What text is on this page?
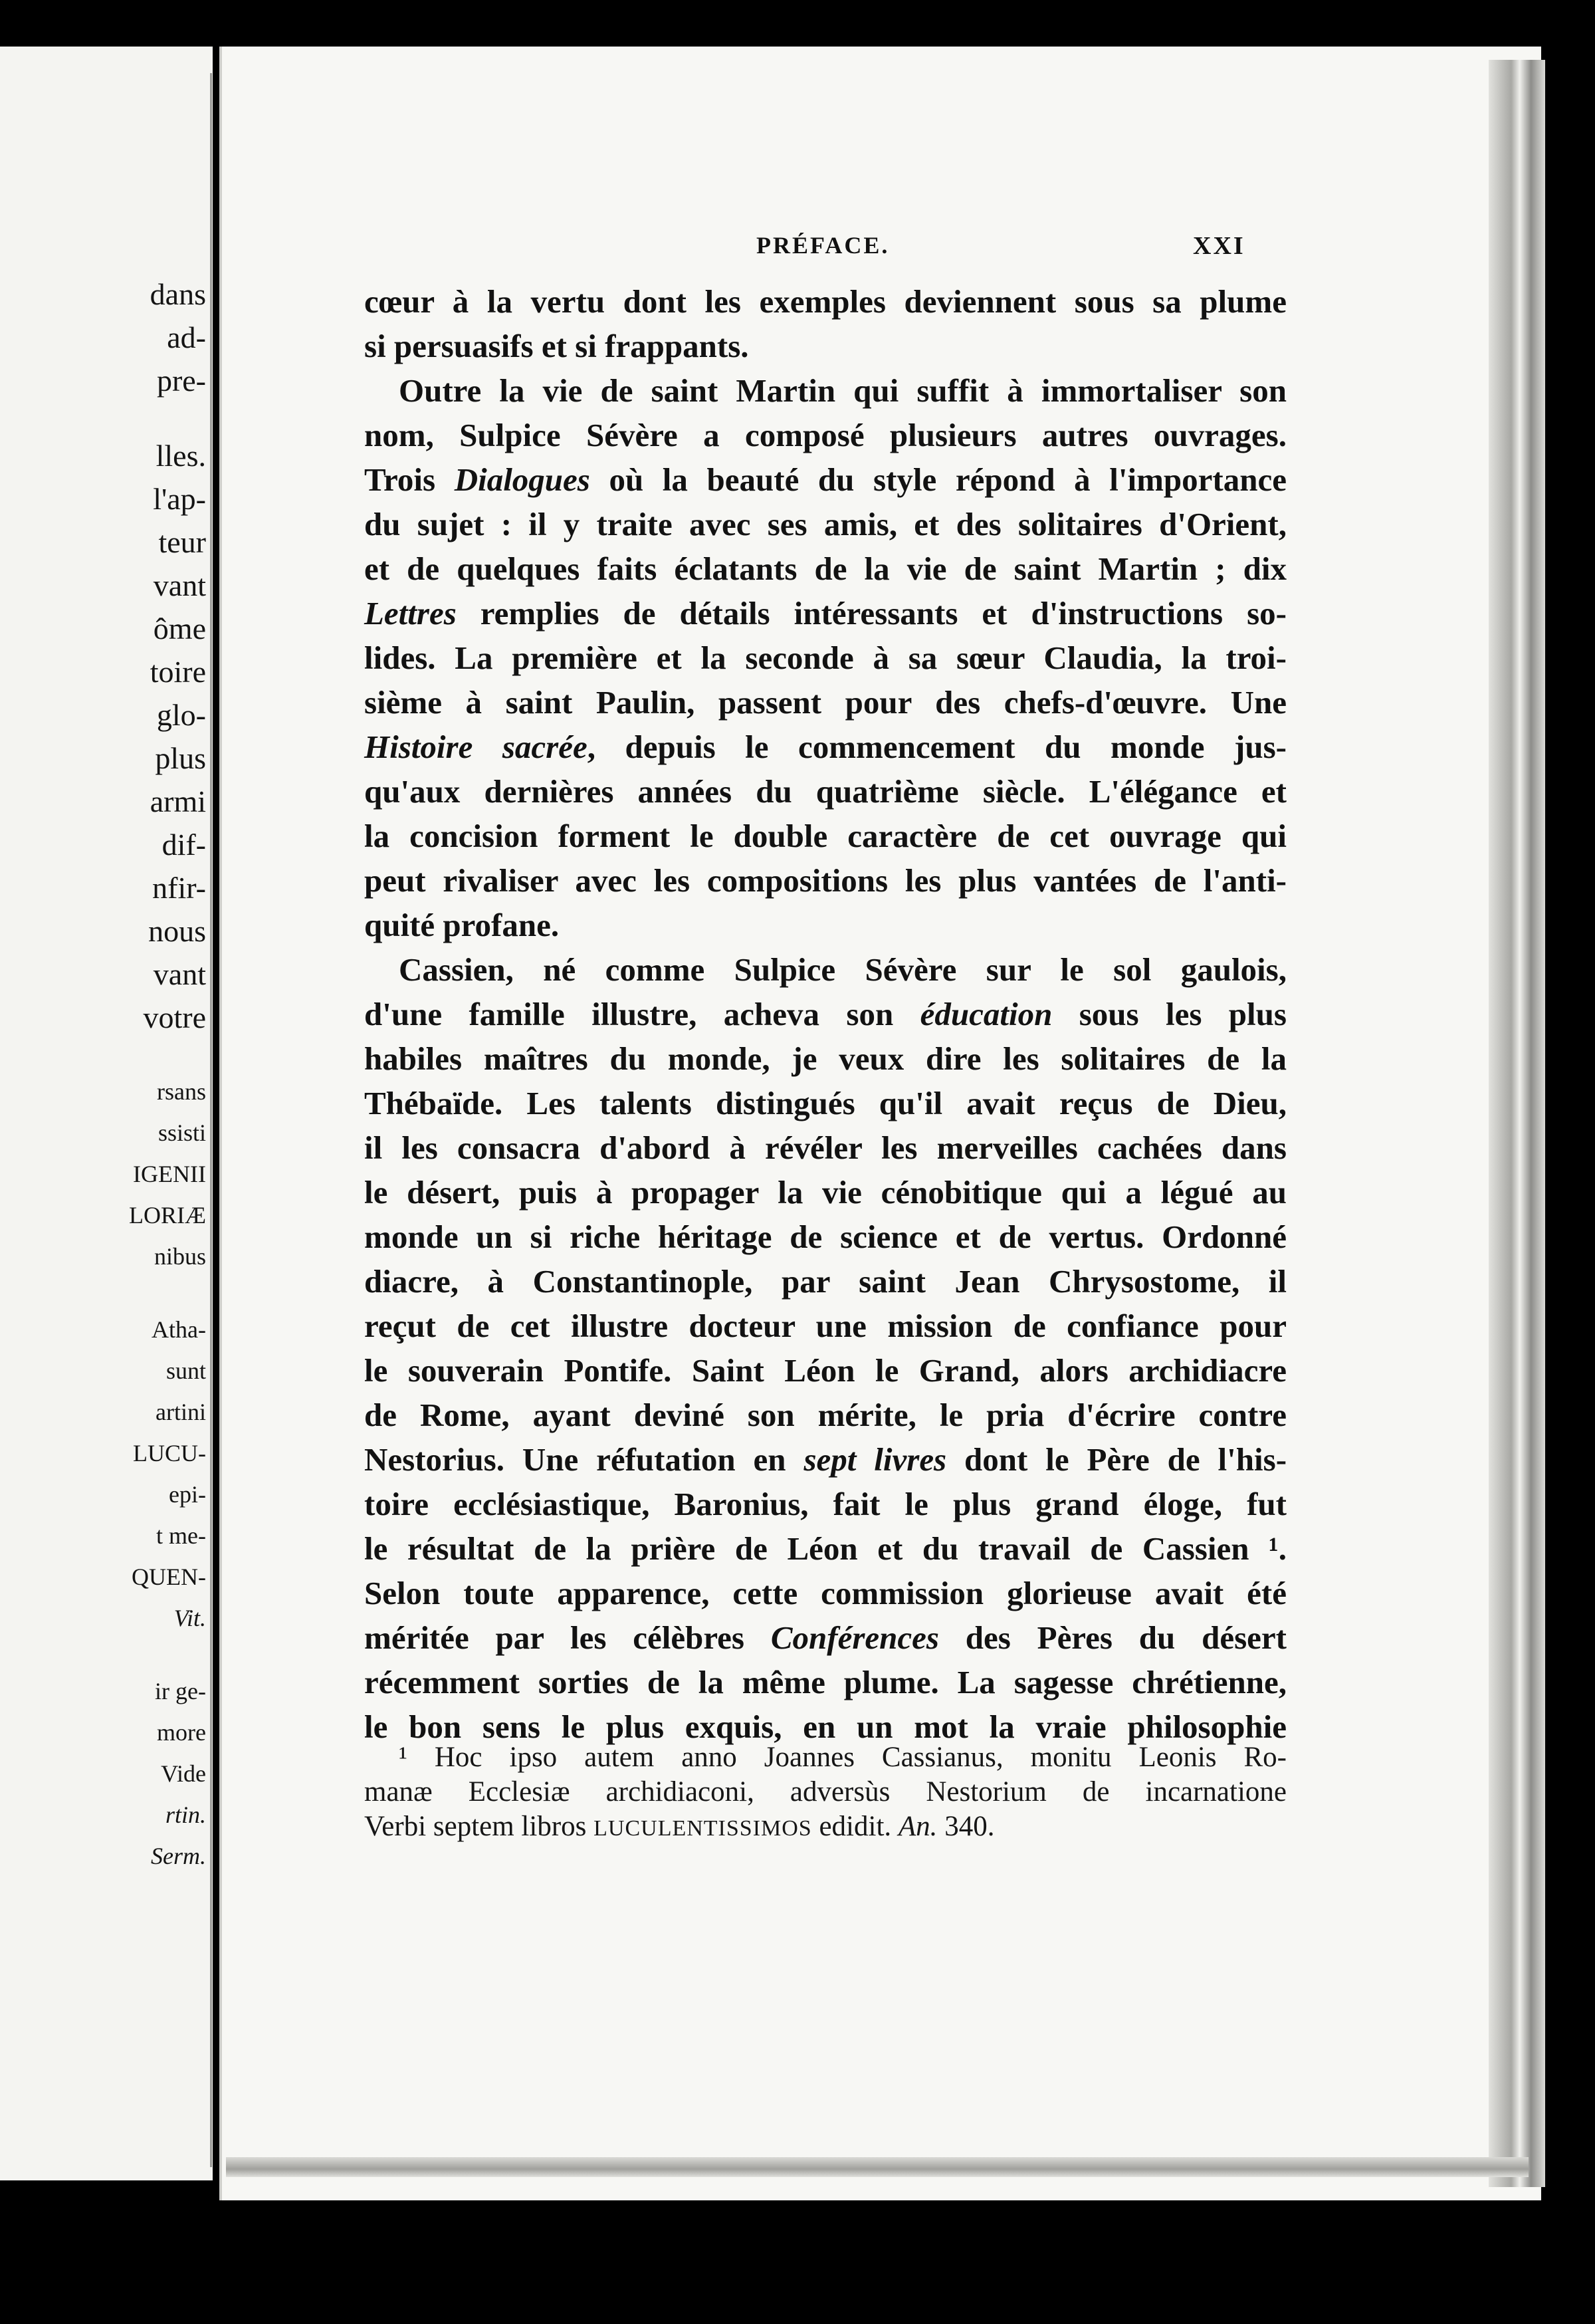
dans
ad-
pre-
lles.
l'ap-
teur
vant
ôme
toire
glo-
plus
armi
dif-
nfir-
nous
vant
votre
rsans
ssisti
IGENII
LORIÆ
nibus
Atha-
sunt
artini
LUCU-
epi-
t me-
QUEN-
Vit.
ir ge-
more
Vide
rtin.
Serm.
PRÉFACE.	XXI
cœur à la vertu dont les exemples deviennent sous sa plume
si persuasifs et si frappants.
Outre la vie de saint Martin qui suffit à immortaliser son
nom, Sulpice Sévère a composé plusieurs autres ouvrages.
Trois Dialogues où la beauté du style répond à l'importance
du sujet : il y traite avec ses amis, et des solitaires d'Orient,
et de quelques faits éclatants de la vie de saint Martin ; dix
Lettres remplies de détails intéressants et d'instructions so-
lides. La première et la seconde à sa sœur Claudia, la troi-
sième à saint Paulin, passent pour des chefs-d'œuvre. Une
Histoire sacrée, depuis le commencement du monde jus-
qu'aux dernières années du quatrième siècle. L'élégance et
la concision forment le double caractère de cet ouvrage qui
peut rivaliser avec les compositions les plus vantées de l'anti-
quité profane.
Cassien, né comme Sulpice Sévère sur le sol gaulois,
d'une famille illustre, acheva son éducation sous les plus
habiles maîtres du monde, je veux dire les solitaires de la
Thébaïde. Les talents distingués qu'il avait reçus de Dieu,
il les consacra d'abord à révéler les merveilles cachées dans
le désert, puis à propager la vie cénobitique qui a légué au
monde un si riche héritage de science et de vertus. Ordonné
diacre, à Constantinople, par saint Jean Chrysostome, il
reçut de cet illustre docteur une mission de confiance pour
le souverain Pontife. Saint Léon le Grand, alors archidiacre
de Rome, ayant deviné son mérite, le pria d'écrire contre
Nestorius. Une réfutation en sept livres dont le Père de l'his-
toire ecclésiastique, Baronius, fait le plus grand éloge, fut
le résultat de la prière de Léon et du travail de Cassien ¹.
Selon toute apparence, cette commission glorieuse avait été
méritée par les célèbres Conférences des Pères du désert
récemment sorties de la même plume. La sagesse chrétienne,
le bon sens le plus exquis, en un mot la vraie philosophie
¹ Hoc ipso autem anno Joannes Cassianus, monitu Leonis Ro-
manæ Ecclesiæ archidiaconi, adversùs Nestorium de incarnatione
Verbi septem libros LUCULENTISSIMOS edidit. An. 340.
